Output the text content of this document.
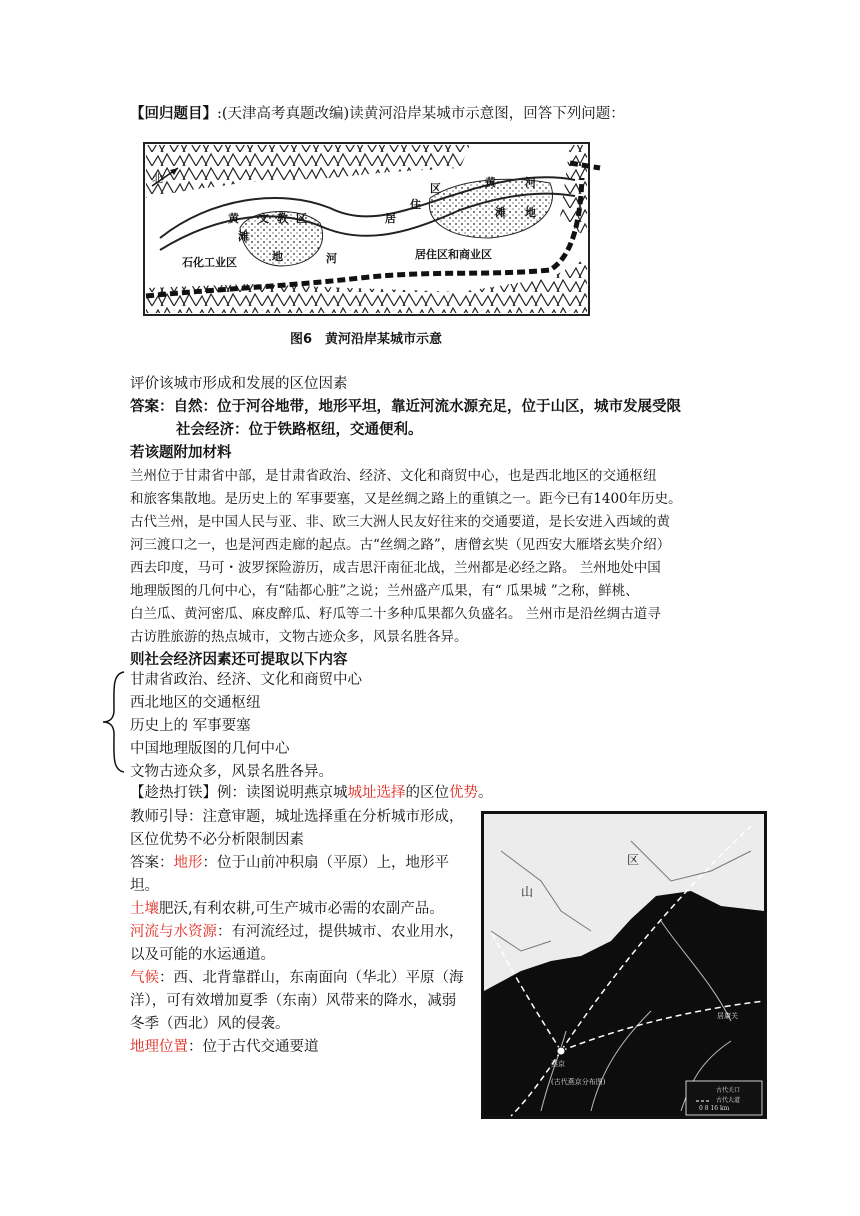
【回归题目】:(天津高考真题改编)读黄河沿岸某城市示意图，回答下列问题：
北
石化工业区
黄
滩
地	河
文教区	居
住
区	黄	河
滩 地
居住区和商业区
图6　黄河沿岸某城市示意
评价该城市形成和发展的区位因素
答案：自然：位于河谷地带，地形平坦，靠近河流水源充足，位于山区，城市发展受限
社会经济：位于铁路枢纽，交通便利。
若该题附加材料
兰州位于甘肃省中部，是甘肃省政治、经济、文化和商贸中心，也是西北地区的交通枢纽
和旅客集散地。是历史上的 军事要塞，又是丝绸之路上的重镇之一。距今已有1400年历史。
古代兰州，是中国人民与亚、非、欧三大洲人民友好往来的交通要道，是长安进入西域的黄
河三渡口之一，也是河西走廊的起点。古“丝绸之路”，唐僧玄奘（见西安大雁塔玄奘介绍）
西去印度，马可・波罗探险游历，成吉思汗南征北战，兰州都是必经之路。 兰州地处中国
地理版图的几何中心，有“陆都心脏”之说；兰州盛产瓜果，有“ 瓜果城 ”之称，鲜桃、
白兰瓜、黄河密瓜、麻皮醉瓜、籽瓜等二十多种瓜果都久负盛名。 兰州市是沿丝绸古道寻
古访胜旅游的热点城市，文物古迹众多，风景名胜各异。
则社会经济因素还可提取以下内容
甘肃省政治、经济、文化和商贸中心
西北地区的交通枢纽
历史上的 军事要塞
中国地理版图的几何中心
文物古迹众多，风景名胜各异。
【趁热打铁】例：读图说明燕京城城址选择的区位优势。
教师引导：注意审题，城址选择重在分析城市形成，
区位优势不必分析限制因素
答案：地形：位于山前冲积扇（平原）上，地形平
坦。
土壤肥沃,有利农耕,可生产城市必需的农副产品。
河流与水资源：有河流经过，提供城市、农业用水，
以及可能的水运通道。
气候：西、北背靠群山，东南面向（华北）平原（海
洋），可有效增加夏季（东南）风带来的降水，减弱
冬季（西北）风的侵袭。
地理位置：位于古代交通要道
区
山
燕京
(古代燕京分布图)
居庸关
古代关口
古代大道
0 8 16 km
